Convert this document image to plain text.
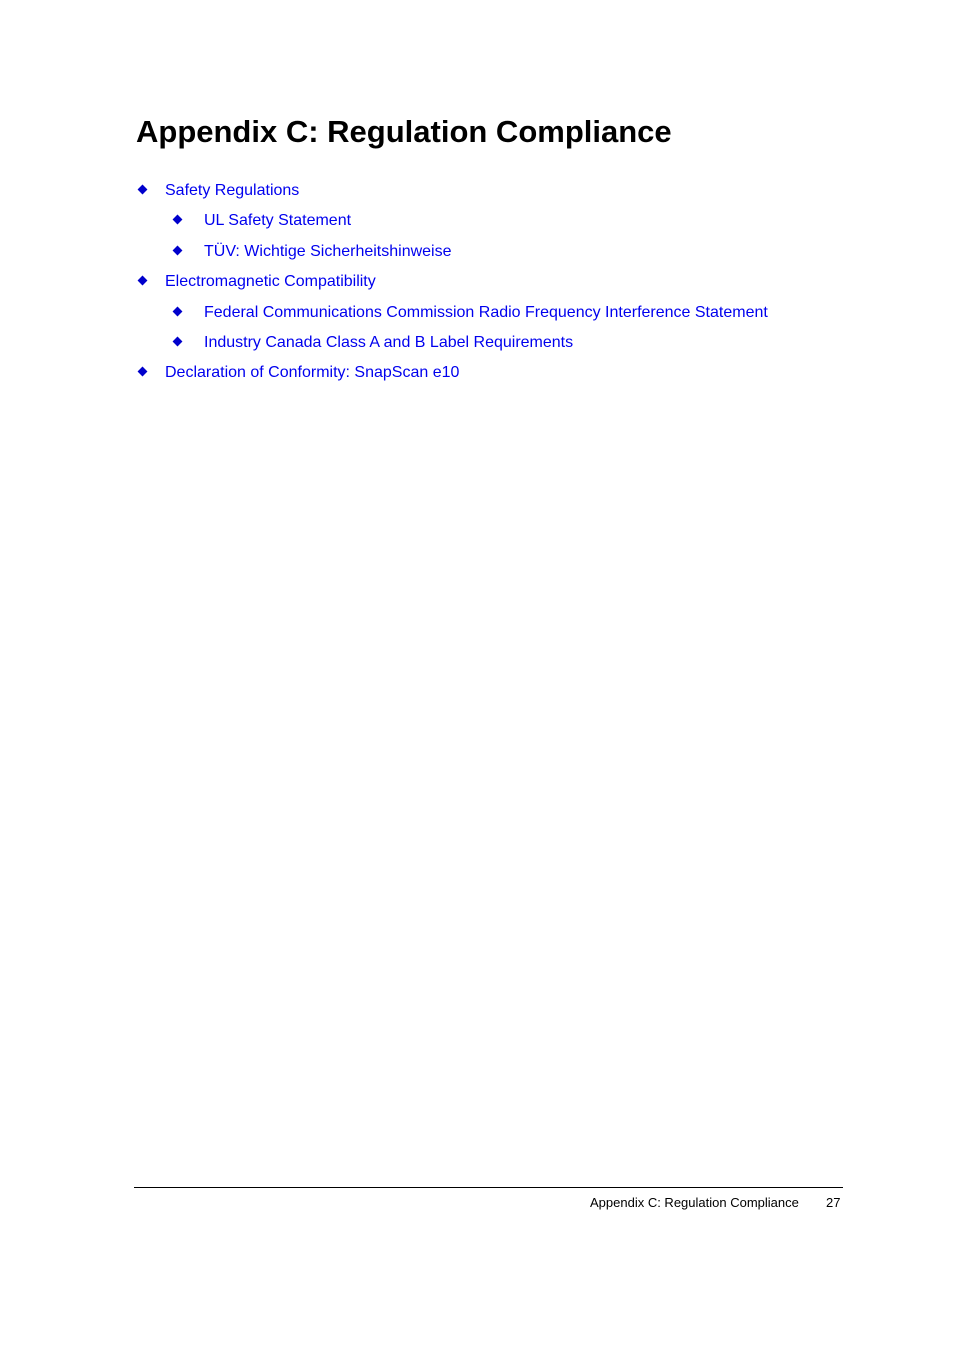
Appendix C: Regulation Compliance
Safety Regulations
UL Safety Statement
TÜV: Wichtige Sicherheitshinweise
Electromagnetic Compatibility
Federal Communications Commission Radio Frequency Interference Statement
Industry Canada Class A and B Label Requirements
Declaration of Conformity: SnapScan e10
Appendix C: Regulation Compliance 27
